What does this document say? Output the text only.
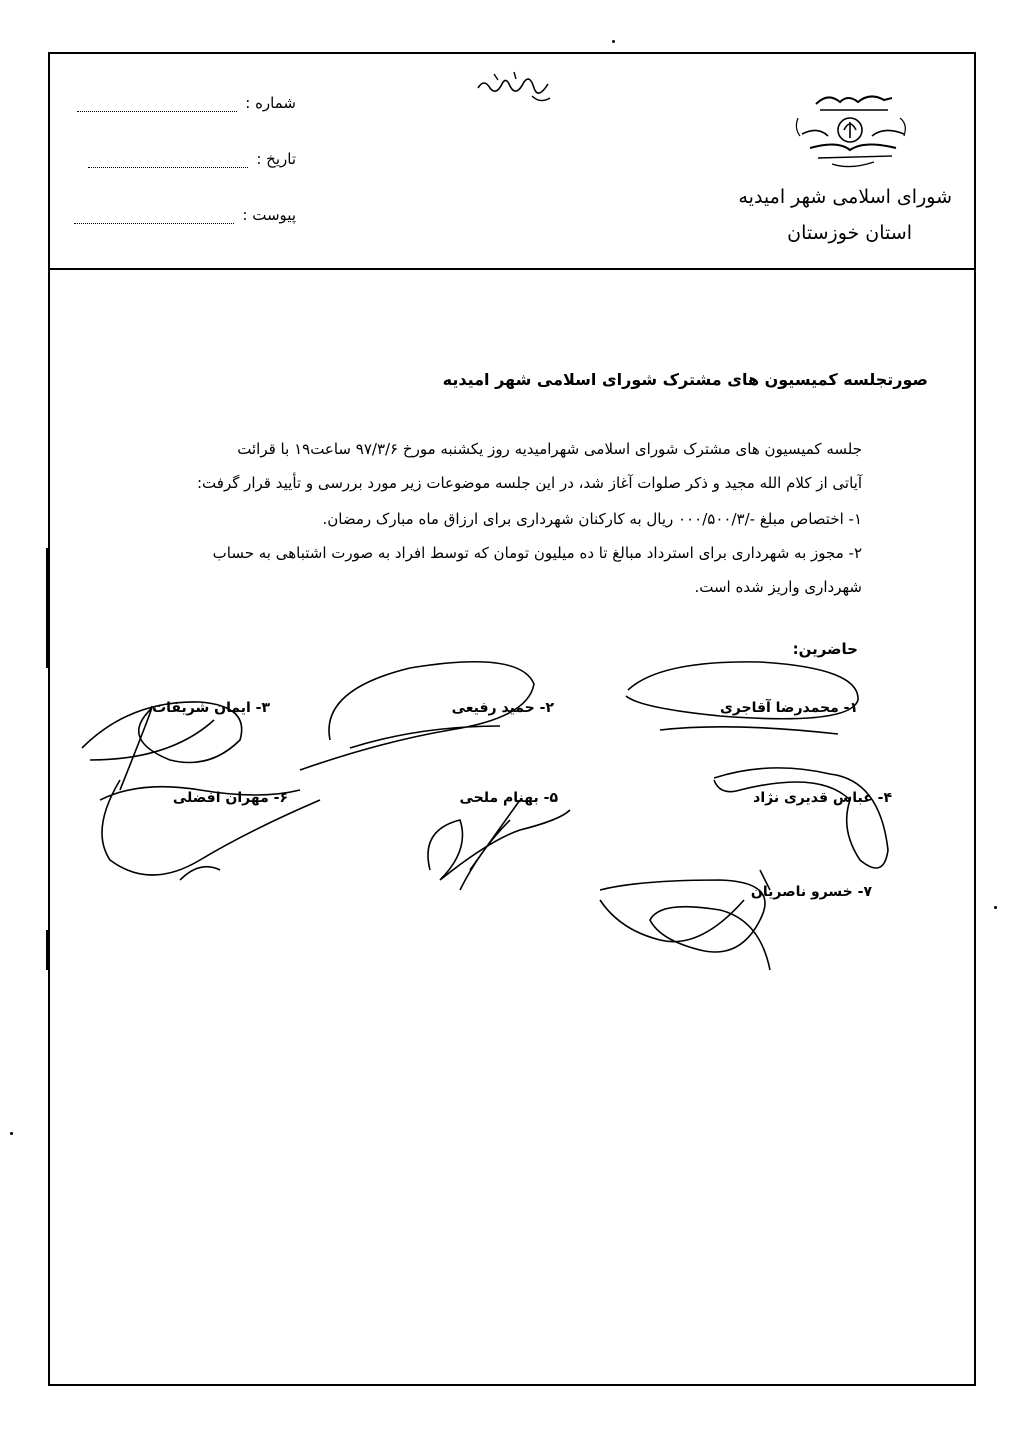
شماره :
تاریخ :
پیوست :
شورای اسلامی شهر امیدیه
استان خوزستان
صورتجلسه کمیسیون های مشترک شورای اسلامی شهر امیدیه
جلسه کمیسیون های مشترک شورای اسلامی شهرامیدیه روز یکشنبه مورخ ۹۷/۳/۶ ساعت۱۹ با قرائت
آیاتی از کلام الله مجید و ذکر صلوات آغاز شد، در این جلسه موضوعات زیر مورد بررسی و تأیید قرار گرفت:
۱- اختصاص مبلغ -/۰۰۰/۵۰۰/۳ ریال به کارکنان شهرداری برای ارزاق ماه مبارک رمضان.
۲- مجوز به شهرداری برای استرداد مبالغ تا ده میلیون تومان که توسط افراد به صورت اشتباهی به حساب
شهرداری واریز شده است.
حاضرین:
۱- محمدرضا آقاجری
۲- حمید رفیعی
۳- ایمان شریفات
۴- عباس قدیری نژاد
۵- بهنام ملحی
۶- مهران افضلی
۷- خسرو ناصریان
